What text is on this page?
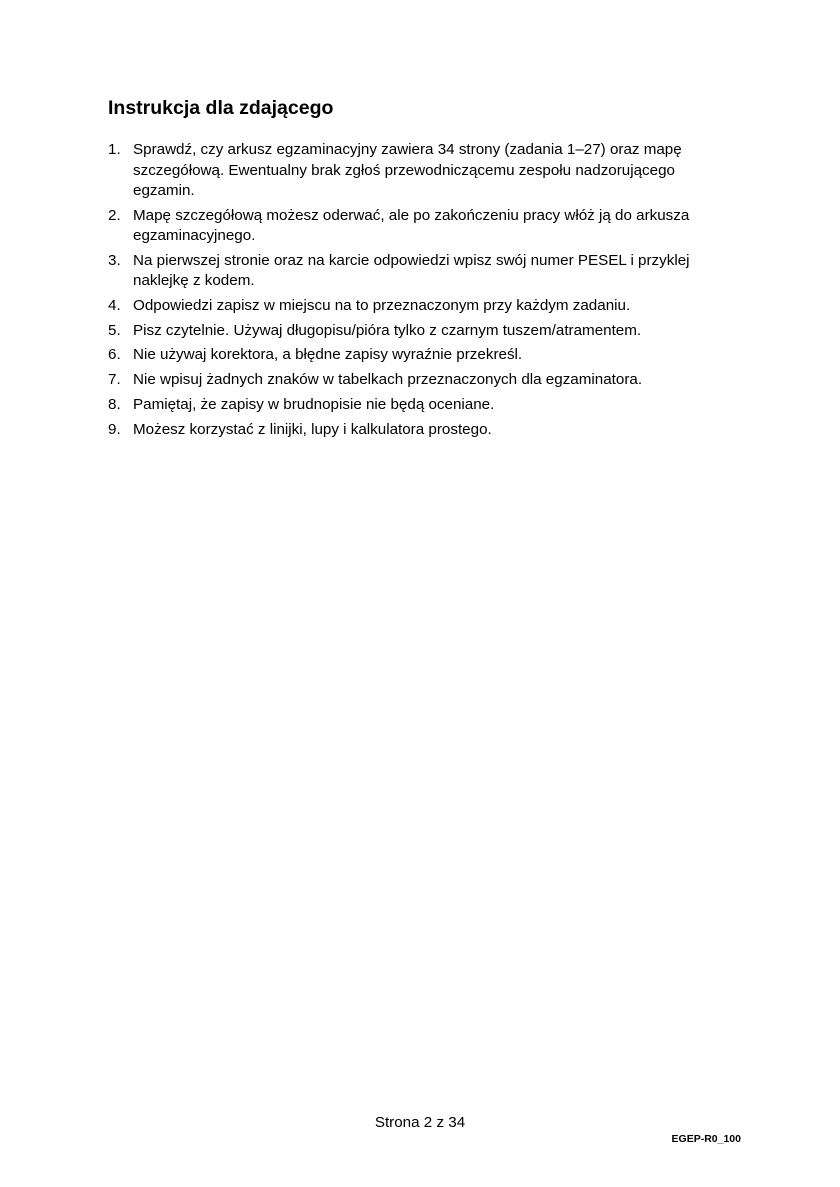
Instrukcja dla zdającego
1. Sprawdź, czy arkusz egzaminacyjny zawiera 34 strony (zadania 1–27) oraz mapę szczegółową. Ewentualny brak zgłoś przewodniczącemu zespołu nadzorującego egzamin.
2. Mapę szczegółową możesz oderwać, ale po zakończeniu pracy włóż ją do arkusza egzaminacyjnego.
3. Na pierwszej stronie oraz na karcie odpowiedzi wpisz swój numer PESEL i przyklej naklejkę z kodem.
4. Odpowiedzi zapisz w miejscu na to przeznaczonym przy każdym zadaniu.
5. Pisz czytelnie. Używaj długopisu/pióra tylko z czarnym tuszem/atramentem.
6. Nie używaj korektora, a błędne zapisy wyraźnie przekreśl.
7. Nie wpisuj żadnych znaków w tabelkach przeznaczonych dla egzaminatora.
8. Pamiętaj, że zapisy w brudnopisie nie będą oceniane.
9. Możesz korzystać z linijki, lupy i kalkulatora prostego.
Strona 2 z 34
EGEP-R0_100
